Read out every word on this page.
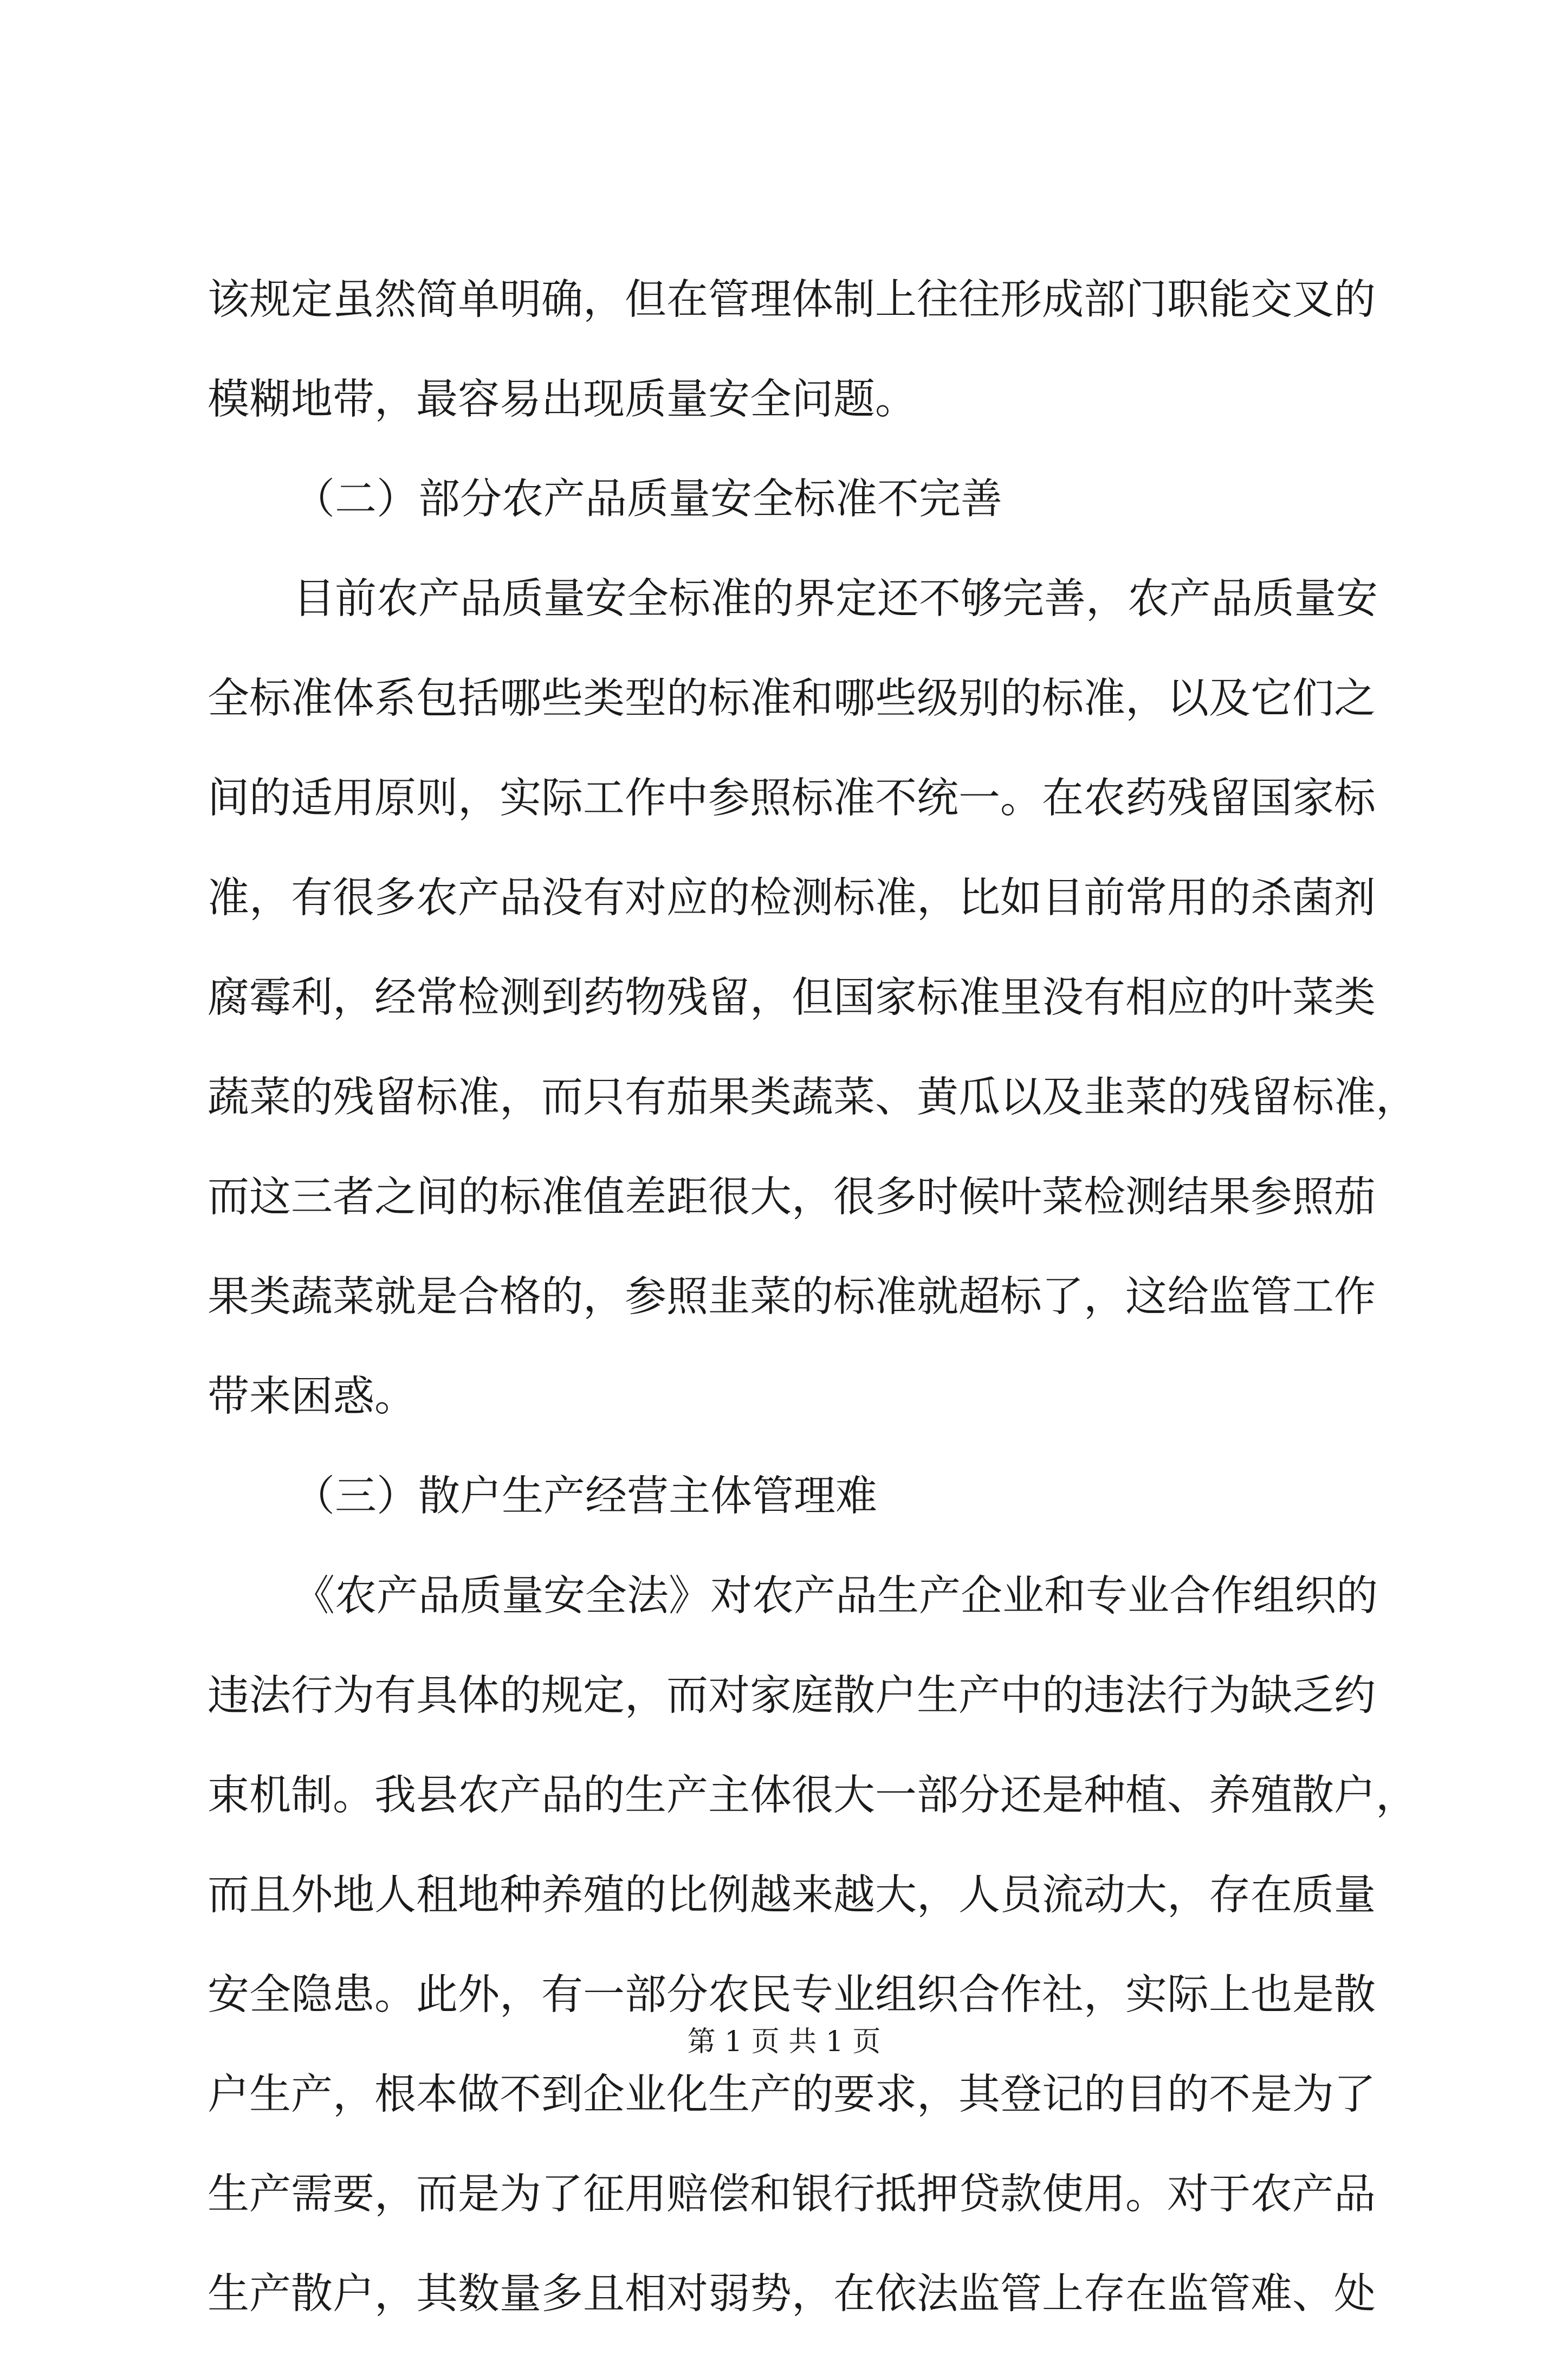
该规定虽然简单明确，但在管理体制上往往形成部门职能交叉的
模糊地带，最容易出现质量安全问题。
（二）部分农产品质量安全标准不完善
目前农产品质量安全标准的界定还不够完善，农产品质量安
全标准体系包括哪些类型的标准和哪些级别的标准，以及它们之
间的适用原则，实际工作中参照标准不统一。在农药残留国家标
准，有很多农产品没有对应的检测标准，比如目前常用的杀菌剂
腐霉利，经常检测到药物残留，但国家标准里没有相应的叶菜类
蔬菜的残留标准，而只有茄果类蔬菜、黄瓜以及韭菜的残留标准，
而这三者之间的标准值差距很大，很多时候叶菜检测结果参照茄
果类蔬菜就是合格的，参照韭菜的标准就超标了，这给监管工作
带来困惑。
（三）散户生产经营主体管理难
《农产品质量安全法》对农产品生产企业和专业合作组织的
违法行为有具体的规定，而对家庭散户生产中的违法行为缺乏约
束机制。我县农产品的生产主体很大一部分还是种植、养殖散户，
而且外地人租地种养殖的比例越来越大，人员流动大，存在质量
安全隐患。此外，有一部分农民专业组织合作社，实际上也是散
户生产，根本做不到企业化生产的要求，其登记的目的不是为了
生产需要，而是为了征用赔偿和银行抵押贷款使用。对于农产品
生产散户，其数量多且相对弱势，在依法监管上存在监管难、处
第 1 页 共 1 页
